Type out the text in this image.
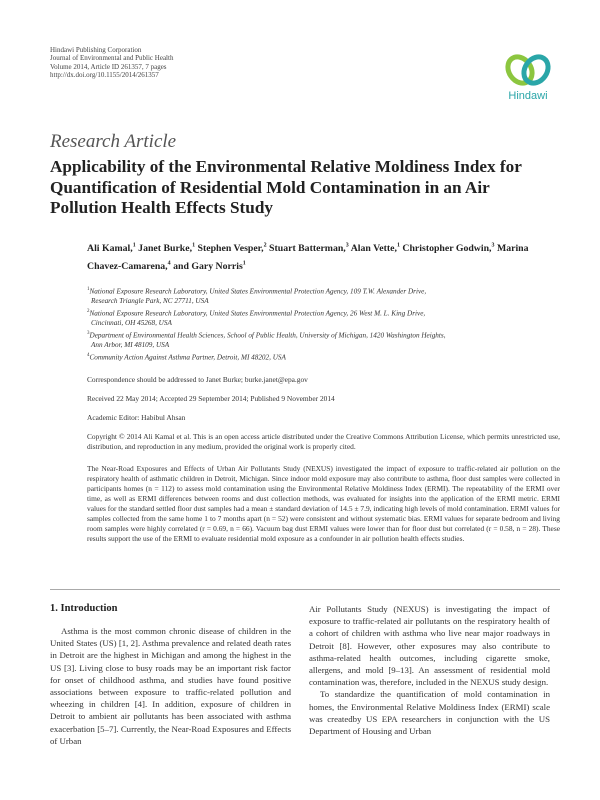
Hindawi Publishing Corporation
Journal of Environmental and Public Health
Volume 2014, Article ID 261357, 7 pages
http://dx.doi.org/10.1155/2014/261357
Hindawi
Research Article
Applicability of the Environmental Relative Moldiness Index for Quantification of Residential Mold Contamination in an Air Pollution Health Effects Study
Ali Kamal,$^1$ Janet Burke,$^1$ Stephen Vesper,$^2$ Stuart Batterman,$^3$ Alan Vette,$^1$ Christopher Godwin,$^3$ Marina Chavez-Camarena,$^4$ and Gary Norris$^1$
$^1$National Exposure Research Laboratory, United States Environmental Protection Agency, 109 T.W. Alexander Drive,
Research Triangle Park, NC 27711, USA
$^2$National Exposure Research Laboratory, United States Environmental Protection Agency, 26 West M. L. King Drive,
Cincinnati, OH 45268, USA
$^3$Department of Environmental Health Sciences, School of Public Health, University of Michigan, 1420 Washington Heights,
Ann Arbor, MI 48109, USA
$^4$Community Action Against Asthma Partner, Detroit, MI 48202, USA
Correspondence should be addressed to Janet Burke; burke.janet@epa.gov
Received 22 May 2014; Accepted 29 September 2014; Published 9 November 2014
Academic Editor: Habibul Ahsan
Copyright © 2014 Ali Kamal et al. This is an open access article distributed under the Creative Commons Attribution License, which permits unrestricted use, distribution, and reproduction in any medium, provided the original work is properly cited.
The Near-Road Exposures and Effects of Urban Air Pollutants Study (NEXUS) investigated the impact of exposure to traffic-related air pollution on the respiratory health of asthmatic children in Detroit, Michigan. Since indoor mold exposure may also contribute to asthma, floor dust samples were collected in participants homes (n = 112) to assess mold contamination using the Environmental Relative Moldiness Index (ERMI). The repeatability of the ERMI over time, as well as ERMI differences between rooms and dust collection methods, was evaluated for insights into the application of the ERMI metric. ERMI values for the standard settled floor dust samples had a mean ± standard deviation of 14.5 ± 7.9, indicating high levels of mold contamination. ERMI values for samples collected from the same home 1 to 7 months apart (n = 52) were consistent and without systematic bias. ERMI values for separate bedroom and living room samples were highly correlated (r = 0.69, n = 66). Vacuum bag dust ERMI values were lower than for floor dust but correlated (r = 0.58, n = 28). These results support the use of the ERMI to evaluate residential mold exposure as a confounder in air pollution health effects studies.
1. Introduction

Asthma is the most common chronic disease of children in the United States (US) [1, 2]. Asthma prevalence and related death rates in Detroit are the highest in Michigan and among the highest in the US [3]. Living close to busy roads may be an important risk factor for onset of childhood asthma, and studies have found positive associations between exposure to traffic-related pollution and wheezing in children [4]. In addition, exposure of children in Detroit to ambient air pollutants has been associated with asthma exacerbation [5–7]. Currently, the Near-Road Exposures and Effects of Urban

Air Pollutants Study (NEXUS) is investigating the impact of exposure to traffic-related air pollutants on the respiratory health of a cohort of children with asthma who live near major roadways in Detroit [8]. However, other exposures may also contribute to asthma-related health outcomes, including cigarette smoke, allergens, and mold [9–13]. An assessment of residential mold contamination was, therefore, included in the NEXUS study design.

To standardize the quantification of mold contamination in homes, the Environmental Relative Moldiness Index (ERMI) scale was createdby US EPA researchers in conjunction with the US Department of Housing and Urban
